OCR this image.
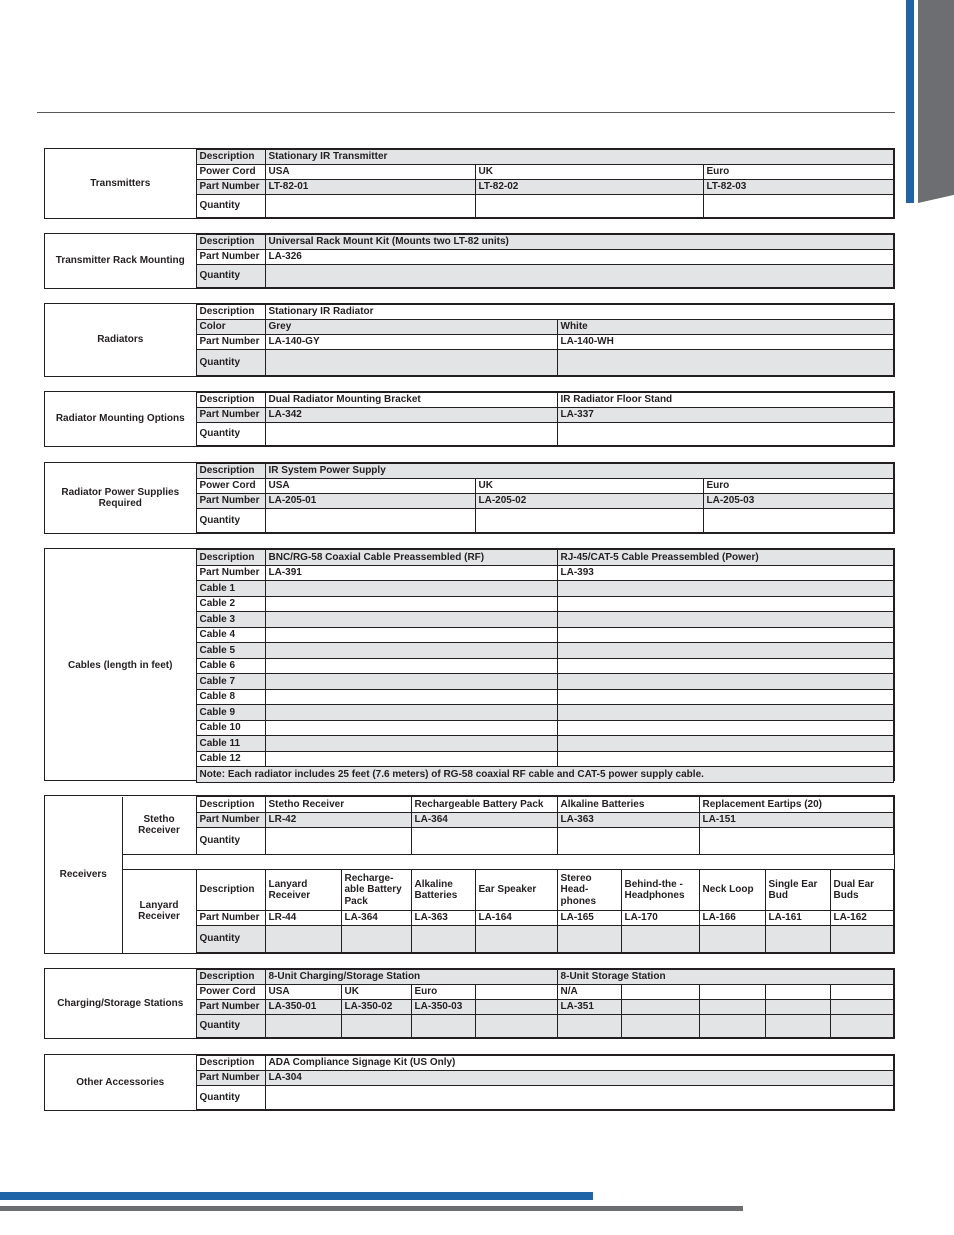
Transmitters	Description	Stationary IR Transmitter		
	Power Cord	USA	UK	Euro
	Part Number	LT-82-01	LT-82-02	LT-82-03
	Quantity			
Transmitter Rack Mounting	Description	Universal Rack Mount Kit (Mounts two LT-82 units)
	Part Number	LA-326
	Quantity	
Radiators	Description	Stationary IR Radiator	
	Color	Grey	White
	Part Number	LA-140-GY	LA-140-WH
	Quantity		
Radiator Mounting Options	Description	Dual Radiator Mounting Bracket	IR Radiator Floor Stand
	Part Number	LA-342	LA-337
	Quantity		
Radiator Power Supplies Required	Description	IR System Power Supply		
	Power Cord	USA	UK	Euro
	Part Number	LA-205-01	LA-205-02	LA-205-03
	Quantity			
Cables (length in feet)	Description	BNC/RG-58 Coaxial Cable Preassembled (RF)	RJ-45/CAT-5 Cable Preassembled (Power)
	Part Number	LA-391	LA-393
	Cable 1		
	Cable 2		
	Cable 3		
	Cable 4		
	Cable 5		
	Cable 6		
	Cable 7		
	Cable 8		
	Cable 9		
	Cable 10		
	Cable 11		
	Cable 12		
	Note: Each radiator includes 25 feet (7.6 meters) of RG-58 coaxial RF cable and CAT-5 power supply cable.		
Receivers	Stetho Receiver	Description	Stetho Receiver		Rechargeable Battery Pack		Alkaline Batteries		Replacement Eartips (20)		
		Part Number	LR-42		LA-364		LA-363		LA-151		
		Quantity									

	Lanyard Receiver	Description	Lanyard Receiver	Recharge-able Battery Pack	Alkaline Batteries	Ear Speaker	Stereo Head-phones	Behind-the -Headphones	Neck Loop	Single Ear Bud	Dual Ear Buds
		Part Number	LR-44	LA-364	LA-363	LA-164	LA-165	LA-170	LA-166	LA-161	LA-162
		Quantity									
Charging/Storage Stations	Description	8-Unit Charging/Storage Station				8-Unit Storage Station				
	Power Cord	USA	UK	Euro		N/A				
	Part Number	LA-350-01	LA-350-02	LA-350-03		LA-351				
	Quantity									
Other Accessories	Description	ADA Compliance Signage Kit (US Only)
	Part Number	LA-304
	Quantity	
